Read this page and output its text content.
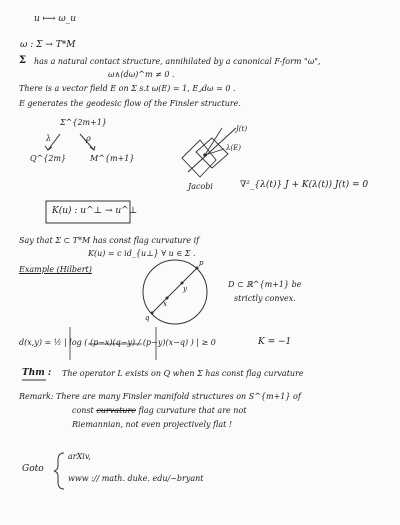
u ⟼ ω_u
ω : Σ → T*M
Σ has a natural contact structure, annihilated by a canonical F-form "ω",
ω∧(dω)^m ≠ 0 .
There is a vector field E on Σ s.t ω(E) = 1, E⌟dω = 0 .
E generates the geodesic flow of the Finsler structure.
Σ^{2m+1}
λ	ρ
Q^{2m}	M^{m+1}
J(t)
λ(E)
Jacobi	∇²_{λ(t)} J + K(λ(t)) J(t) = 0
K(u) : u^⊥ → u^⊥
Say that Σ ⊂ T*M has const flag curvature if
K(u) = c id_{u⊥} ∀ u ∈ Σ .
Example (Hilbert)
D ⊂ ℝ^{m+1} be
strictly convex.
p
q
x
y
d(x,y) = ½ | log ( (p−x)(q−y) / (p−y)(x−q) ) | ≥ 0	K = −1
Thm : The operator L exists on Q when Σ has const flag curvature
Remark: There are many Finsler manifold structures on S^{m+1} of
const curvature flag curvature that are not
Riemannian, not even projectively flat !
Goto
arXiv,
www :// math. duke. edu/~bryant
